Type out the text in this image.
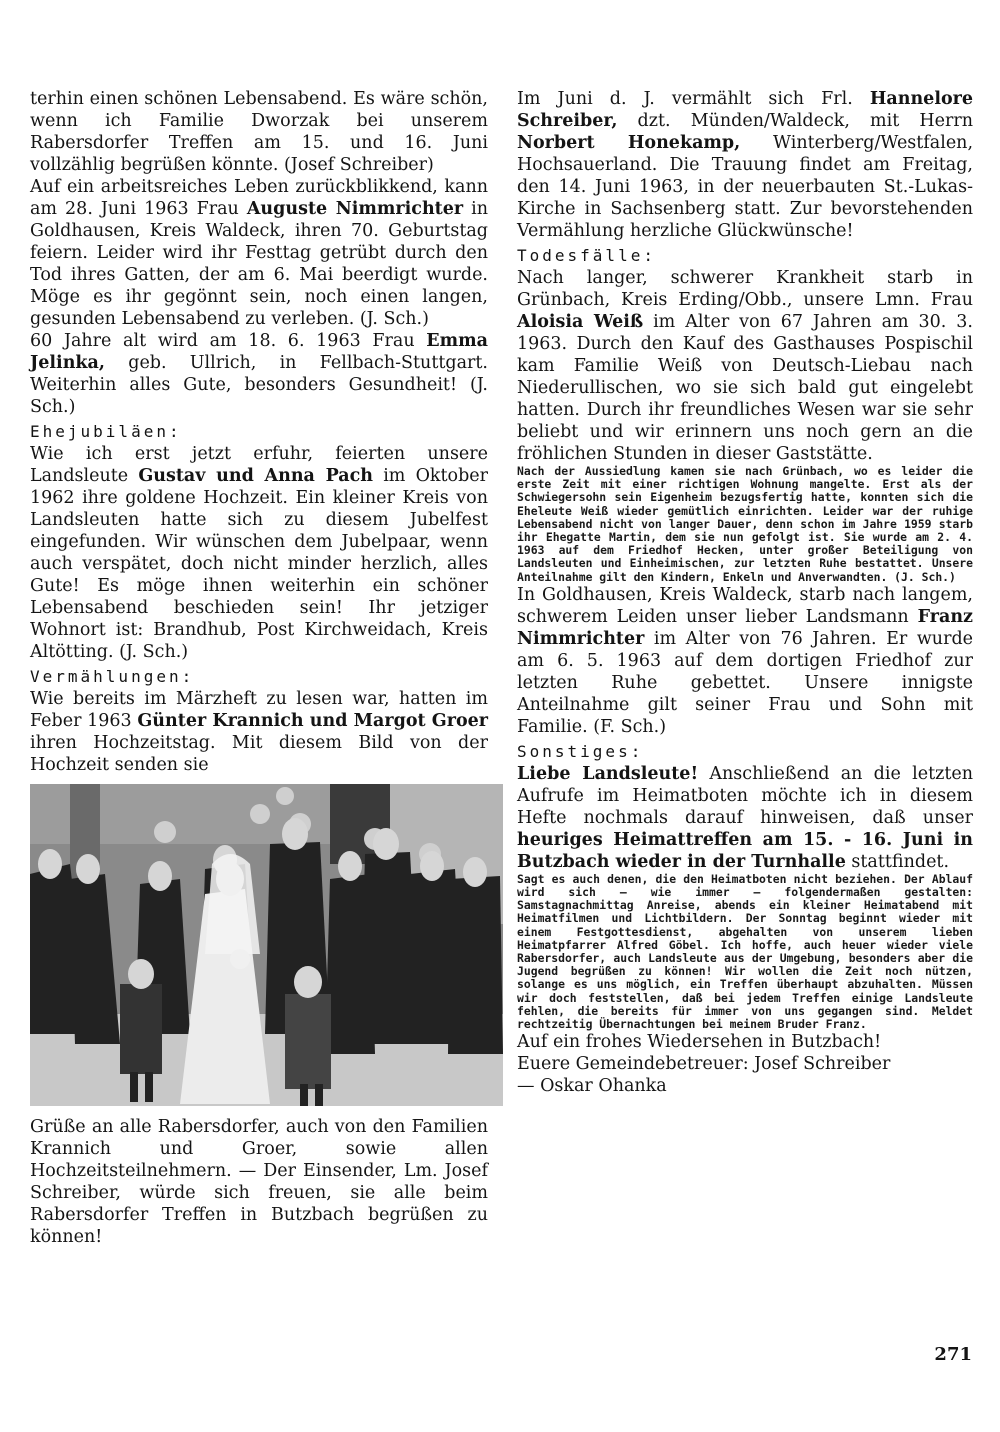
terhin einen schönen Lebensabend. Es wäre schön, wenn ich Familie Dworzak bei unserem Rabersdorfer Treffen am 15. und 16. Juni vollzählig begrüßen könnte. (Josef Schreiber)

Auf ein arbeitsreiches Leben zurückblikkend, kann am 28. Juni 1963 Frau Auguste Nimmrichter in Goldhausen, Kreis Waldeck, ihren 70. Geburtstag feiern. Leider wird ihr Festtag getrübt durch den Tod ihres Gatten, der am 6. Mai beerdigt wurde. Möge es ihr gegönnt sein, noch einen langen, gesunden Lebensabend zu verleben. (J. Sch.)

60 Jahre alt wird am 18. 6. 1963 Frau Emma Jelinka, geb. Ullrich, in Fellbach-Stuttgart. Weiterhin alles Gute, besonders Gesundheit! (J. Sch.)

Ehejubiläen:

Wie ich erst jetzt erfuhr, feierten unsere Landsleute Gustav und Anna Pach im Oktober 1962 ihre goldene Hochzeit. Ein kleiner Kreis von Landsleuten hatte sich zu diesem Jubelfest eingefunden. Wir wünschen dem Jubelpaar, wenn auch verspätet, doch nicht minder herzlich, alles Gute! Es möge ihnen weiterhin ein schöner Lebensabend beschieden sein! Ihr jetziger Wohnort ist: Brandhub, Post Kirchweidach, Kreis Altötting. (J. Sch.)

Vermählungen:

Wie bereits im Märzheft zu lesen war, hatten im Feber 1963 Günter Krannich und Margot Groer ihren Hochzeitstag. Mit diesem Bild von der Hochzeit senden sie

Grüße an alle Rabersdorfer, auch von den Familien Krannich und Groer, sowie allen Hochzeitsteilnehmern. — Der Einsender, Lm. Josef Schreiber, würde sich freuen, sie alle beim Rabersdorfer Treffen in Butzbach begrüßen zu können!

Im Juni d. J. vermählt sich Frl. Hannelore Schreiber, dzt. Münden/Waldeck, mit Herrn Norbert Honekamp, Winterberg/Westfalen, Hochsauerland. Die Trauung findet am Freitag, den 14. Juni 1963, in der neuerbauten St.-Lukas-Kirche in Sachsenberg statt. Zur bevorstehenden Vermählung herzliche Glückwünsche!

Todesfälle:

Nach langer, schwerer Krankheit starb in Grünbach, Kreis Erding/Obb., unsere Lmn. Frau Aloisia Weiß im Alter von 67 Jahren am 30. 3. 1963. Durch den Kauf des Gasthauses Pospischil kam Familie Weiß von Deutsch-Liebau nach Niederullischen, wo sie sich bald gut eingelebt hatten. Durch ihr freundliches Wesen war sie sehr beliebt und wir erinnern uns noch gern an die fröhlichen Stunden in dieser Gaststätte.

Nach der Aussiedlung kamen sie nach Grünbach, wo es leider die erste Zeit mit einer richtigen Wohnung mangelte. Erst als der Schwiegersohn sein Eigenheim bezugsfertig hatte, konnten sich die Eheleute Weiß wieder gemütlich einrichten. Leider war der ruhige Lebensabend nicht von langer Dauer, denn schon im Jahre 1959 starb ihr Ehegatte Martin, dem sie nun gefolgt ist. Sie wurde am 2. 4. 1963 auf dem Friedhof Hecken, unter großer Beteiligung von Landsleuten und Einheimischen, zur letzten Ruhe bestattet. Unsere Anteilnahme gilt den Kindern, Enkeln und Anverwandten. (J. Sch.)

In Goldhausen, Kreis Waldeck, starb nach langem, schwerem Leiden unser lieber Landsmann Franz Nimmrichter im Alter von 76 Jahren. Er wurde am 6. 5. 1963 auf dem dortigen Friedhof zur letzten Ruhe gebettet. Unsere innigste Anteilnahme gilt seiner Frau und Sohn mit Familie. (F. Sch.)

Sonstiges:

Liebe Landsleute! Anschließend an die letzten Aufrufe im Heimatboten möchte ich in diesem Hefte nochmals darauf hinweisen, daß unser heuriges Heimattreffen am 15. - 16. Juni in Butzbach wieder in der Turnhalle stattfindet.

Sagt es auch denen, die den Heimatboten nicht beziehen. Der Ablauf wird sich — wie immer — folgendermaßen gestalten: Samstagnachmittag Anreise, abends ein kleiner Heimatabend mit Heimatfilmen und Lichtbildern. Der Sonntag beginnt wieder mit einem Festgottesdienst, abgehalten von unserem lieben Heimatpfarrer Alfred Göbel. Ich hoffe, auch heuer wieder viele Rabersdorfer, auch Landsleute aus der Umgebung, besonders aber die Jugend begrüßen zu können! Wir wollen die Zeit noch nützen, solange es uns möglich, ein Treffen überhaupt abzuhalten. Müssen wir doch feststellen, daß bei jedem Treffen einige Landsleute fehlen, die bereits für immer von uns gegangen sind. Meldet rechtzeitig Übernachtungen bei meinem Bruder Franz.

Auf ein frohes Wiedersehen in Butzbach!

Euere Gemeindebetreuer: Josef Schreiber

— Oskar Ohanka

271
